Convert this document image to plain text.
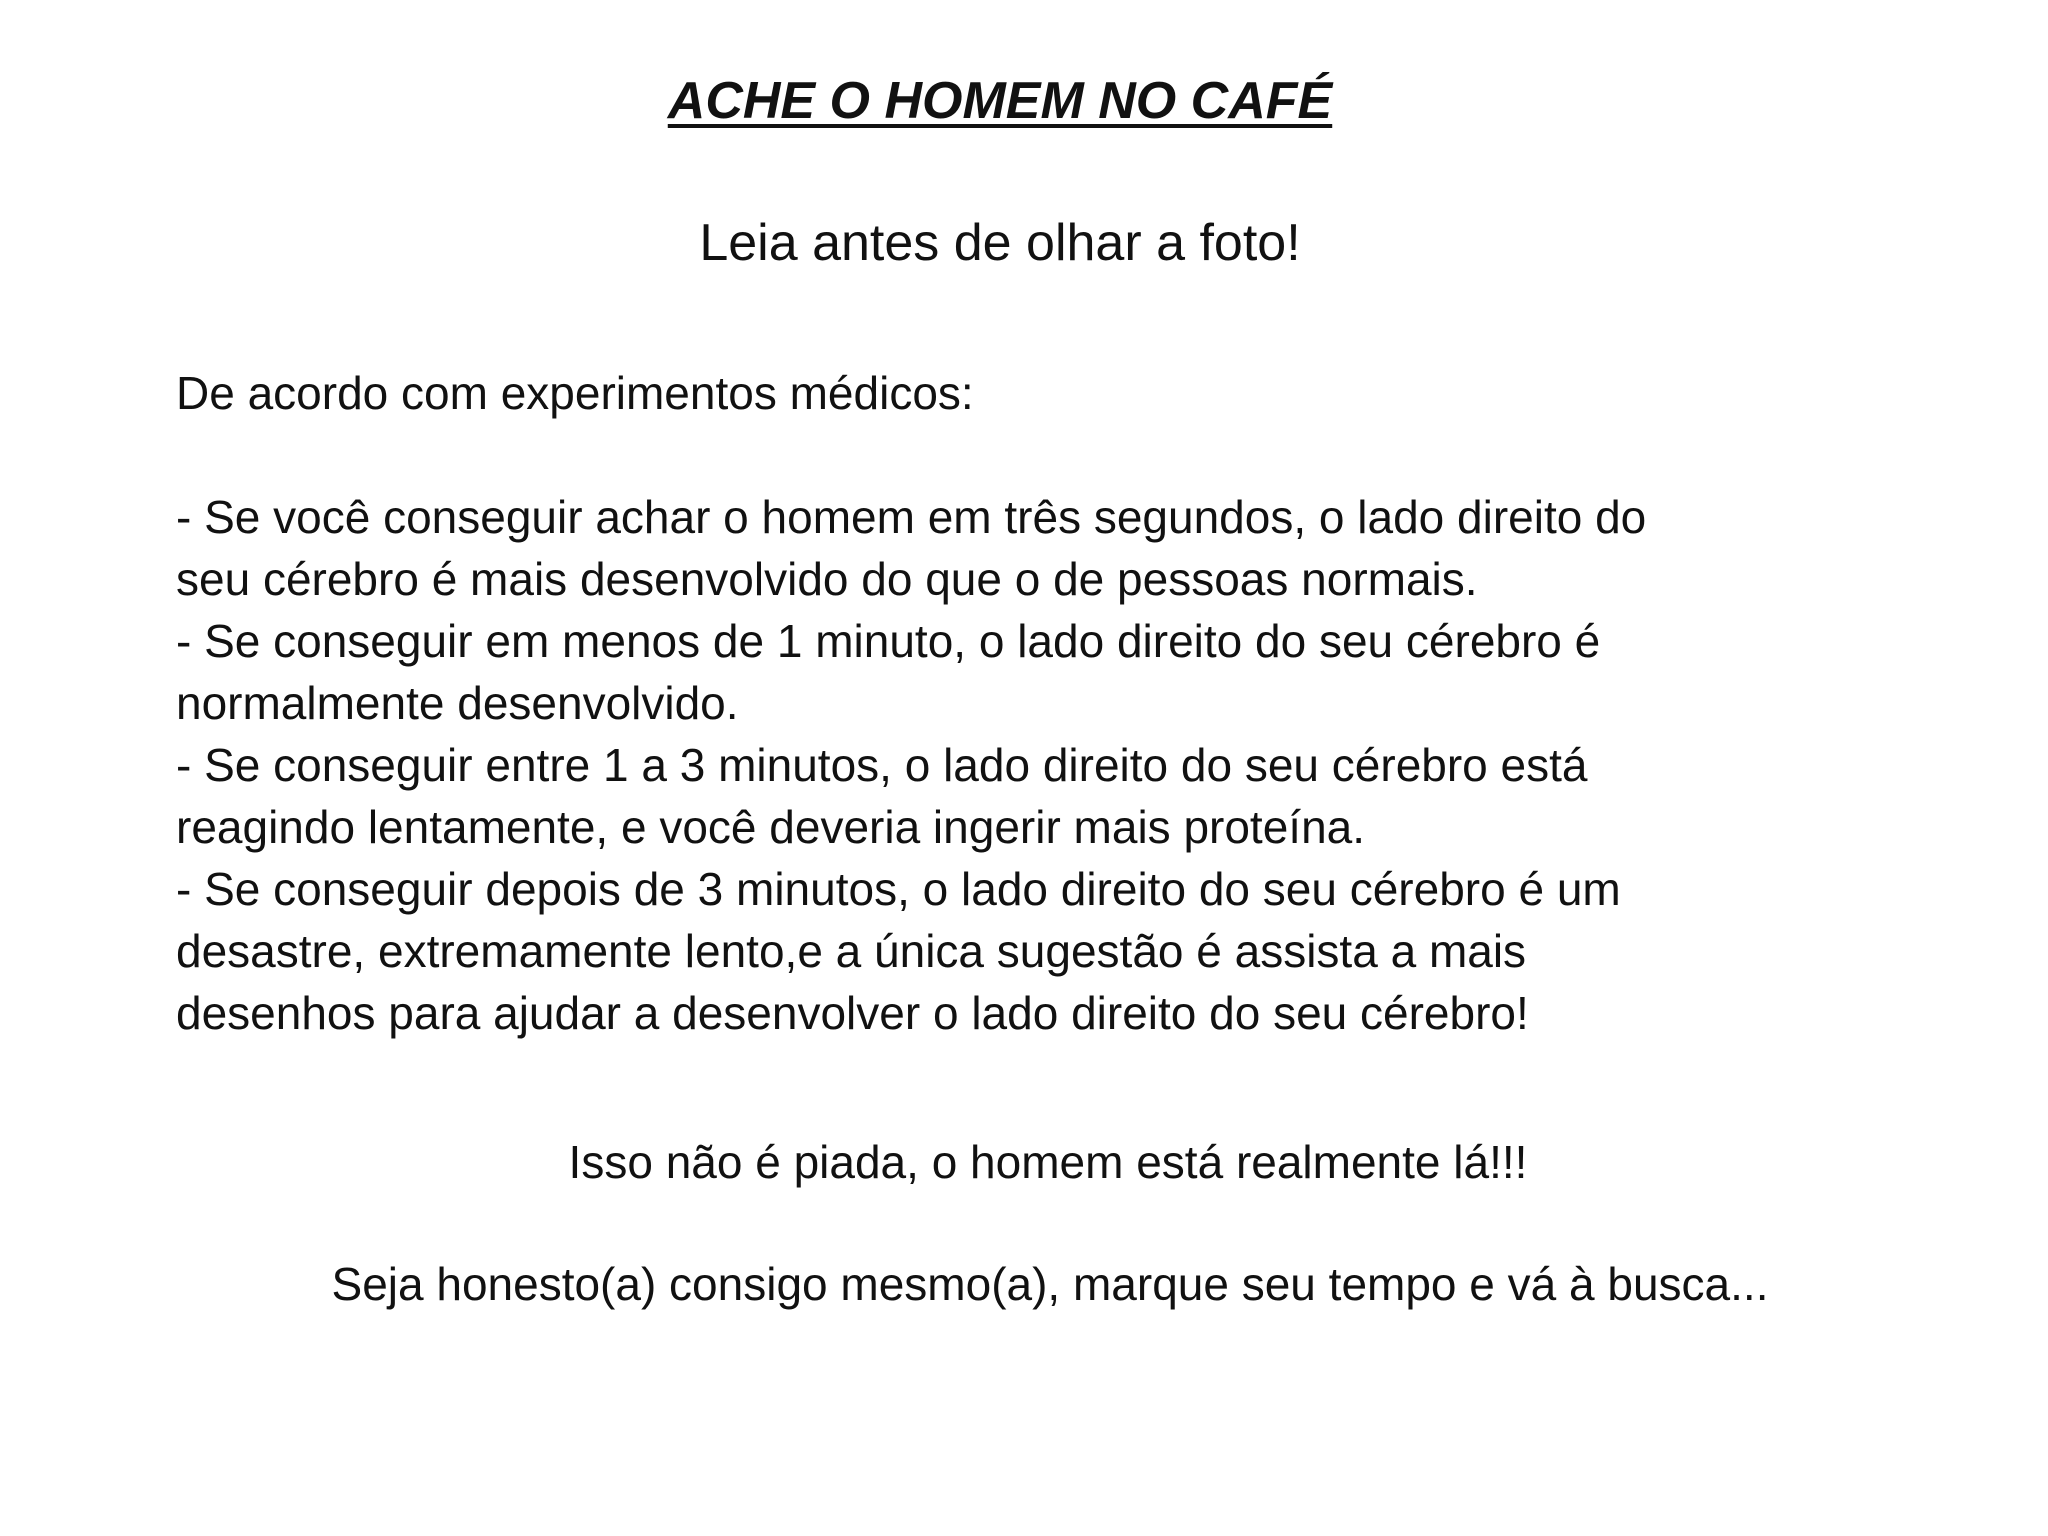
ACHE O HOMEM NO CAFÉ
Leia antes de olhar a foto!

De acordo com experimentos médicos:

- Se você conseguir achar o homem em três segundos, o lado direito do
seu cérebro é mais desenvolvido do que o de pessoas normais.
- Se conseguir em menos de 1 minuto, o lado direito do seu cérebro é
normalmente desenvolvido.
- Se conseguir entre 1 a 3 minutos, o lado direito do seu cérebro está
reagindo lentamente, e você deveria ingerir mais proteína.
- Se conseguir depois de 3 minutos, o lado direito do seu cérebro é um
desastre, extremamente lento,e a única sugestão é assista a mais
desenhos para ajudar a desenvolver o lado direito do seu cérebro!
Isso não é piada, o homem está realmente lá!!!
Seja honesto(a) consigo mesmo(a), marque seu tempo e vá à busca...
